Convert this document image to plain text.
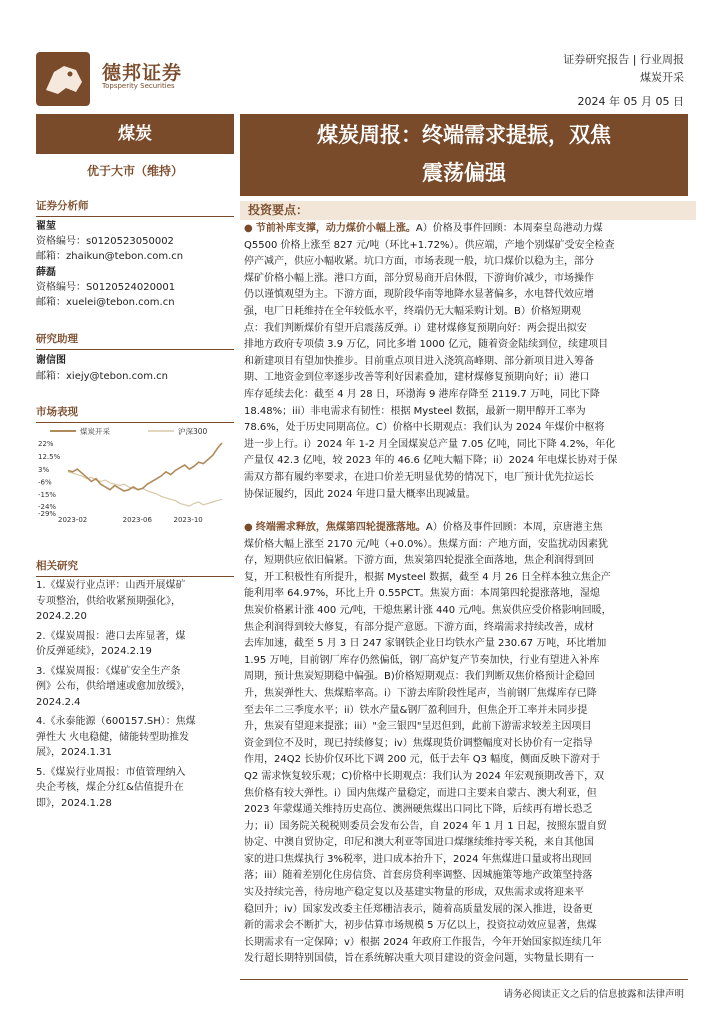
德邦证券
Topsperity Securities
证券研究报告 | 行业周报
煤炭开采
2024 年 05 月 05 日
煤炭
优于大市（维持）
证券分析师
翟堃
资格编号：s0120523050002
邮箱：zhaikun@tebon.com.cn
薛磊
资格编号：S0120524020001
邮箱：xuelei@tebon.com.cn
研究助理
谢信图
邮箱：xiejy@tebon.com.cn
市场表现
煤炭开采	沪深300
22%
12.5%
3%
-6%
-15%
-24%
-29%
2023-02	2023-06	2023-10
相关研究
1.《煤炭行业点评：山西开展煤矿
专项整治，供给收紧预期强化》，
2024.2.20
2.《煤炭周报：港口去库显著，煤
价反弹延续》，2024.2.19
3.《煤炭周报：《煤矿安全生产条
例》公布，供给增速或愈加放缓》，
2024.2.4
4.《永泰能源（600157.SH）：焦煤
弹性大 火电稳健，储能转型助推发
展》，2024.1.31
5.《煤炭行业周报：市值管理纳入
央企考核，煤企分红&估值提升在
即》，2024.1.28
煤炭周报：终端需求提振，双焦
震荡偏强
投资要点：
● 节前补库支撑，动力煤价小幅上涨。A）价格及事件回顾：本周秦皇岛港动力煤
Q5500 价格上涨至 827 元/吨（环比+1.72%）。供应端，产地个别煤矿受安全检查
停产减产，供应小幅收紧。坑口方面，市场表现一般，坑口煤价以稳为主，部分
煤矿价格小幅上涨。港口方面，部分贸易商开启休假，下游询价减少，市场操作
仍以谨慎观望为主。下游方面，现阶段华南等地降水显著偏多，水电替代效应增
强，电厂日耗维持在全年较低水平，终端仍无大幅采购计划。B）价格短期观
点：我们判断煤价有望开启震荡反弹。i）建材煤修复预期向好：两会提出拟安
排地方政府专项债 3.9 万亿，同比多增 1000 亿元，随着资金陆续到位，续建项目
和新建项目有望加快推步。目前重点项目进入浇筑高峰期、部分新项目进入筹备
期、工地资金到位率逐步改善等利好因素叠加，建材煤修复预期向好；ii）港口
库存延续去化：截至 4 月 28 日，环渤海 9 港库存降至 2119.7 万吨，同比下降
18.48%；iii）非电需求有韧性：根据 Mysteel 数据，最新一期甲醇开工率为
78.6%，处于历史同期高位。C）价格中长期观点：我们认为 2024 年煤价中枢将
进一步上行。i）2024 年 1-2 月全国煤炭总产量 7.05 亿吨，同比下降 4.2%，年化
产量仅 42.3 亿吨，较 2023 年的 46.6 亿吨大幅下降；ii）2024 年电煤长协对于保
需双方都有履约率要求，在进口价差无明显优势的情况下，电厂预计优先拉运长
协保证履约，因此 2024 年进口量大概率出现减量。
● 终端需求释放，焦煤第四轮提涨落地。A）价格及事件回顾：本周，京唐港主焦
煤价格大幅上涨至 2170 元/吨（+0.0%）。焦煤方面：产地方面，安监扰动因素犹
存，短期供应依旧偏紧。下游方面，焦炭第四轮提涨全面落地，焦企利润得到回
复，开工积极性有所提升，根据 Mysteel 数据，截至 4 月 26 日全样本独立焦企产
能利用率 64.97%，环比上升 0.55PCT。焦炭方面：本周第四轮提涨落地，湿熄
焦炭价格累计涨 400 元/吨，干熄焦累计涨 440 元/吨。焦炭供应受价格影响回暖，
焦企利润得到较大修复，有部分提产意愿。下游方面，终端需求持续改善，成材
去库加速，截至 5 月 3 日 247 家钢铁企业日均铁水产量 230.67 万吨，环比增加
1.95 万吨，目前钢厂库存仍然偏低，钢厂高炉复产节奏加快，行业有望进入补库
周期，预计焦炭短期稳中偏强。B)价格短期观点：我们判断双焦价格预计企稳回
升，焦炭弹性大、焦煤赔率高。i）下游去库阶段性尾声，当前钢厂焦煤库存已降
至去年二三季度水平；ii）铁水产量&钢厂盈利回升，但焦企开工率并未同步提
升，焦炭有望迎来提涨；iii）"金三银四"呈迟但到，此前下游需求较差主因项目
资金到位不及时，现已持续修复；iv）焦煤现货价调整幅度对长协价有一定指导
作用，24Q2 长协价仅环比下调 200 元，低于去年 Q3 幅度，侧面反映下游对于
Q2 需求恢复较乐观；C)价格中长期观点：我们认为 2024 年宏观预期改善下，双
焦价格有较大弹性。i）国内焦煤产量稳定，而进口主要来自蒙古、澳大利亚，但
2023 年蒙煤通关维持历史高位、澳洲硬焦煤出口同比下降，后续再有增长恐乏
力；ii）国务院关税税则委员会发布公告，自 2024 年 1 月 1 日起，按照东盟自贸
协定、中澳自贸协定，印尼和澳大利亚等国进口煤继续维持零关税，来自其他国
家的进口焦煤执行 3%税率，进口成本抬升下，2024 年焦煤进口量或将出现回
落；iii）随着差别化住房信贷、首套房贷利率调整、因城施策等地产政策坚持落
实及持续完善，待房地产稳定复以及基建实物量的形成，双焦需求或将迎来平
稳回升；iv）国家发改委主任郑栅洁表示，随着高质量发展的深入推进，设备更
新的需求会不断扩大，初步估算市场规模 5 万亿以上，投资拉动效应显著，焦煤
长期需求有一定保障；v）根据 2024 年政府工作报告，今年开始国家拟连续几年
发行超长期特别国债，旨在系统解决重大项目建设的资金问题，实物量长期有一
请务必阅读正文之后的信息披露和法律声明
